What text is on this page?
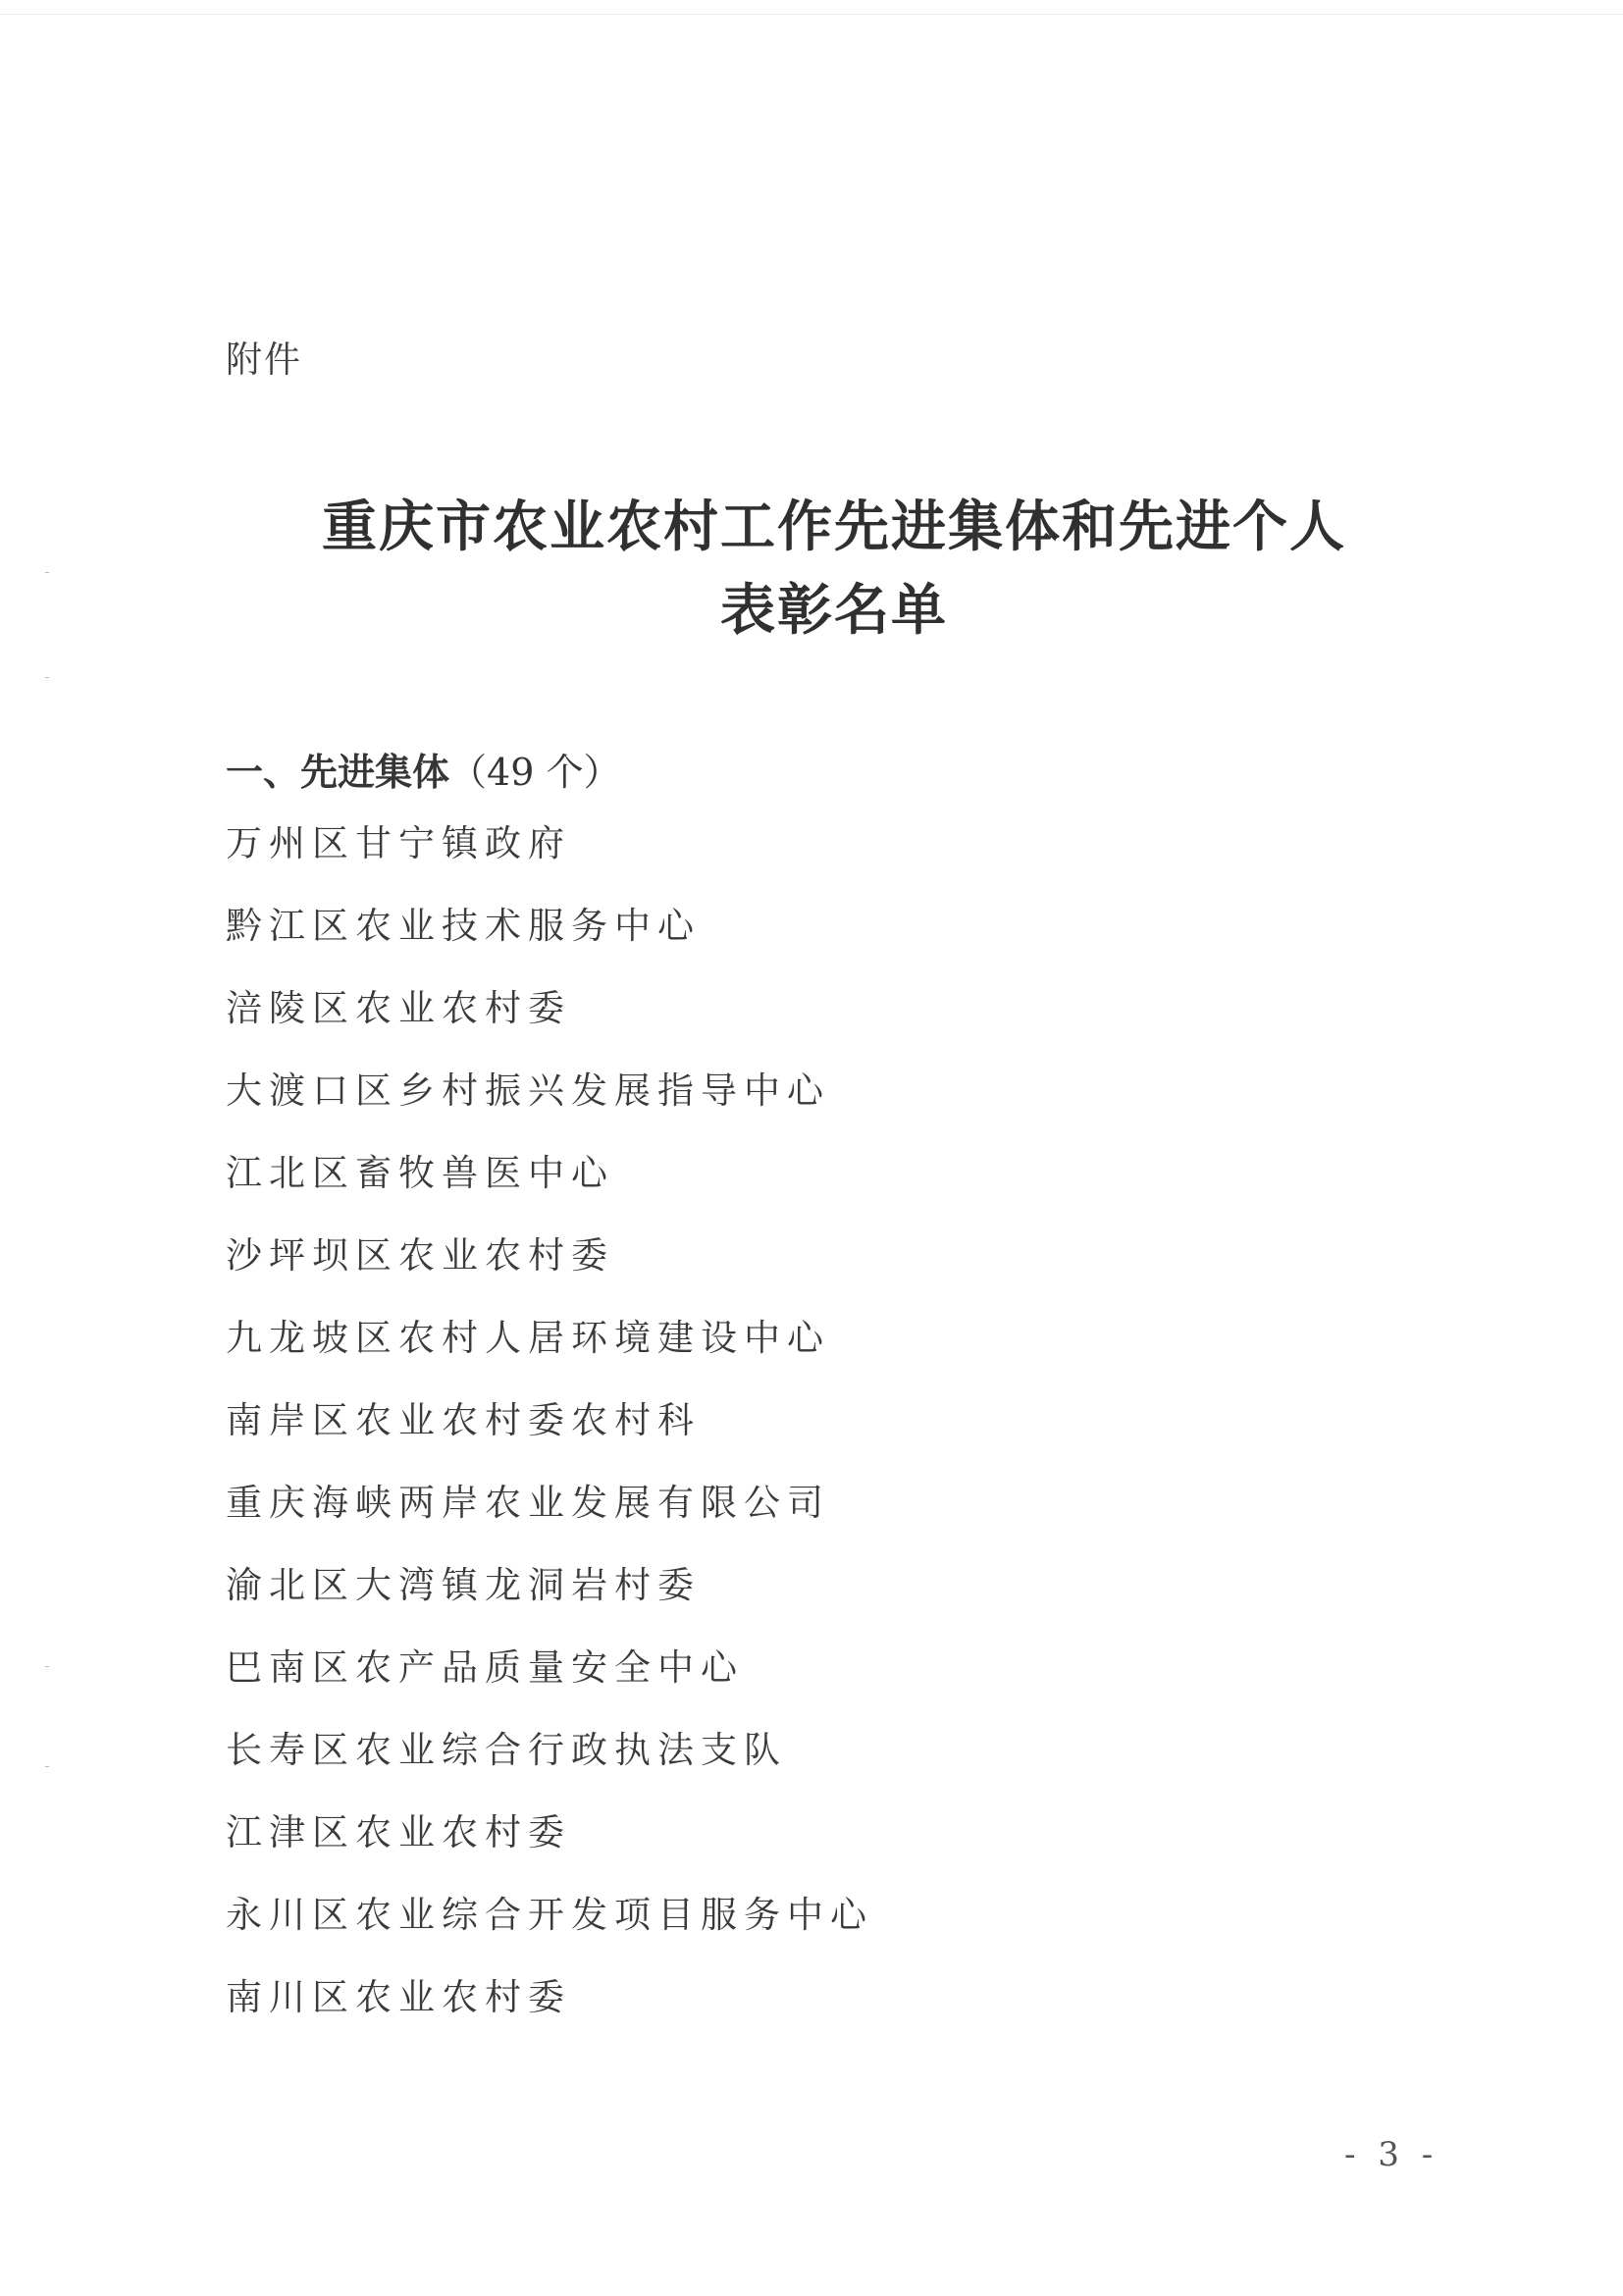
附件
重庆市农业农村工作先进集体和先进个人
表彰名单
一、先进集体（49 个）
万州区甘宁镇政府
黔江区农业技术服务中心
涪陵区农业农村委
大渡口区乡村振兴发展指导中心
江北区畜牧兽医中心
沙坪坝区农业农村委
九龙坡区农村人居环境建设中心
南岸区农业农村委农村科
重庆海峡两岸农业发展有限公司
渝北区大湾镇龙洞岩村委
巴南区农产品质量安全中心
长寿区农业综合行政执法支队
江津区农业农村委
永川区农业综合开发项目服务中心
南川区农业农村委
- 3 -
